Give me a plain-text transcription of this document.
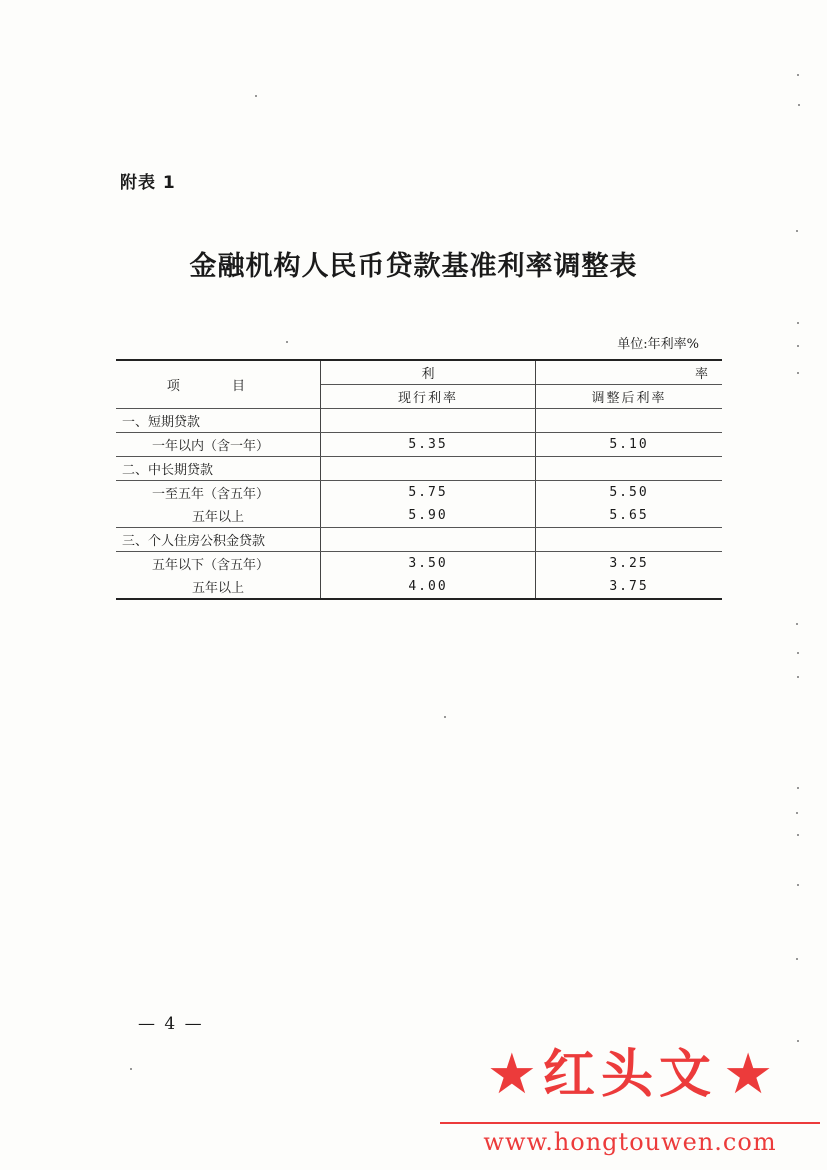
附表 1
金融机构人民币贷款基准利率调整表
单位:年利率%
项 目	利	率
	现行利率	调整后利率
一、短期贷款		
一年以内（含一年）	5.35	5.10
二、中长期贷款		
一至五年（含五年）	5.75	5.50
五年以上	5.90	5.65
三、个人住房公积金贷款		
五年以下（含五年）	3.50	3.25
五年以上	4.00	3.75
— 4 —
★ 红头文 ★
www.hongtouwen.com
